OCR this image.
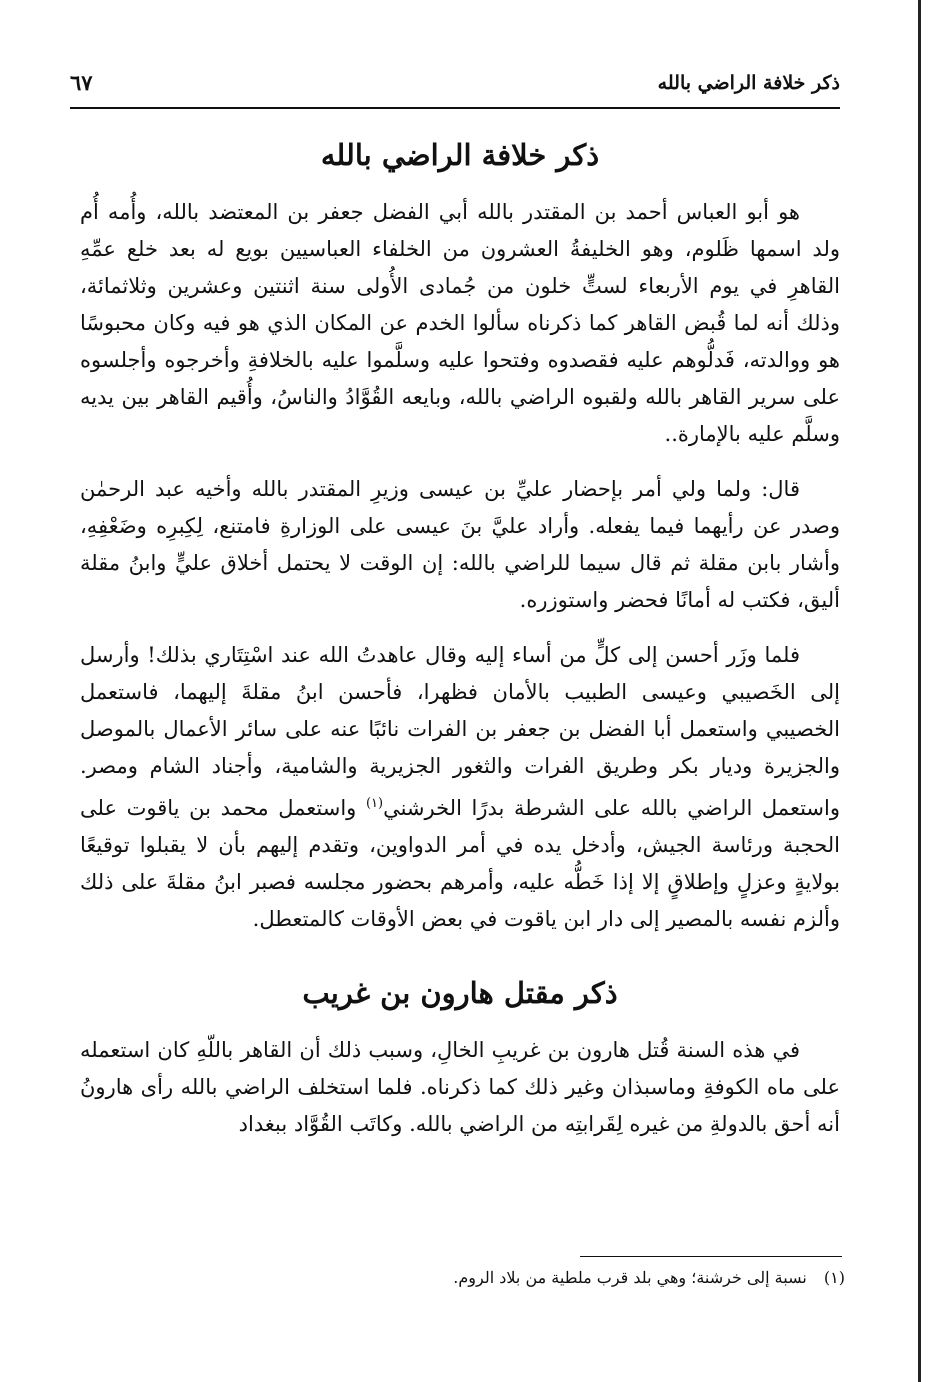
ذكر خلافة الراضي بالله
٦٧
ذكر خلافة الراضي بالله

هو أبو العباس أحمد بن المقتدر بالله أبي الفضل جعفر بن المعتضد بالله، وأُمه أُم ولد اسمها ظَلوم، وهو الخليفةُ العشرون من الخلفاء العباسيين بويع له بعد خلع عمِّهِ القاهرِ في يوم الأربعاء لستٍّ خلون من جُمادى الأُولى سنة اثنتين وعشرين وثلاثمائة، وذلك أنه لما قُبض القاهر كما ذكرناه سألوا الخدم عن المكان الذي هو فيه وكان محبوسًا هو ووالدته، فَدلُّوهم عليه فقصدوه وفتحوا عليه وسلَّموا عليه بالخلافةِ وأخرجوه وأجلسوه على سرير القاهر بالله ولقبوه الراضي بالله، وبايعه القُوَّادُ والناسُ، وأُقيم القاهر بين يديه وسلَّم عليه بالإمارة..

قال: ولما ولي أمر بإحضار عليِّ بن عيسى وزيرِ المقتدر بالله وأخيه عبد الرحمٰن وصدر عن رأيهما فيما يفعله. وأراد عليَّ بنَ عيسى على الوزارةِ فامتنع، لِكِبرِه وضَعْفِهِ، وأشار بابن مقلة ثم قال سيما للراضي بالله: إن الوقت لا يحتمل أخلاق عليٍّ وابنُ مقلة أليق، فكتب له أمانًا فحضر واستوزره.

فلما وزَر أحسن إلى كلٍّ من أساء إليه وقال عاهدتُ الله عند اسْتِتَاري بذلك! وأرسل إلى الخَصيبي وعيسى الطبيب بالأمان فظهرا، فأحسن ابنُ مقلةَ إليهما، فاستعمل الخصيبي واستعمل أبا الفضل بن جعفر بن الفرات نائبًا عنه على سائر الأعمال بالموصل والجزيرة وديار بكر وطريق الفرات والثغور الجزيرية والشامية، وأجناد الشام ومصر. واستعمل الراضي بالله على الشرطة بدرًا الخرشني$^{(١)}$ واستعمل محمد بن ياقوت على الحجبة ورئاسة الجيش، وأدخل يده في أمر الدواوين، وتقدم إليهم بأن لا يقبلوا توقيعًا بولايةٍ وعزلٍ وإطلاقٍ إلا إذا خَطُّه عليه، وأمرهم بحضور مجلسه فصبر ابنُ مقلةَ على ذلك وألزم نفسه بالمصير إلى دار ابن ياقوت في بعض الأوقات كالمتعطل.

ذكر مقتل هارون بن غريب

في هذه السنة قُتل هارون بن غريبِ الخالِ، وسبب ذلك أن القاهر باللّهِ كان استعمله على ماه الكوفةِ وماسبذان وغير ذلك كما ذكرناه. فلما استخلف الراضي بالله رأى هارونُ أنه أحق بالدولةِ من غيره لِقَرابتِه من الراضي بالله. وكاتَب القُوَّاد ببغداد

(١) نسبة إلى خرشنة؛ وهي بلد قرب ملطية من بلاد الروم.
